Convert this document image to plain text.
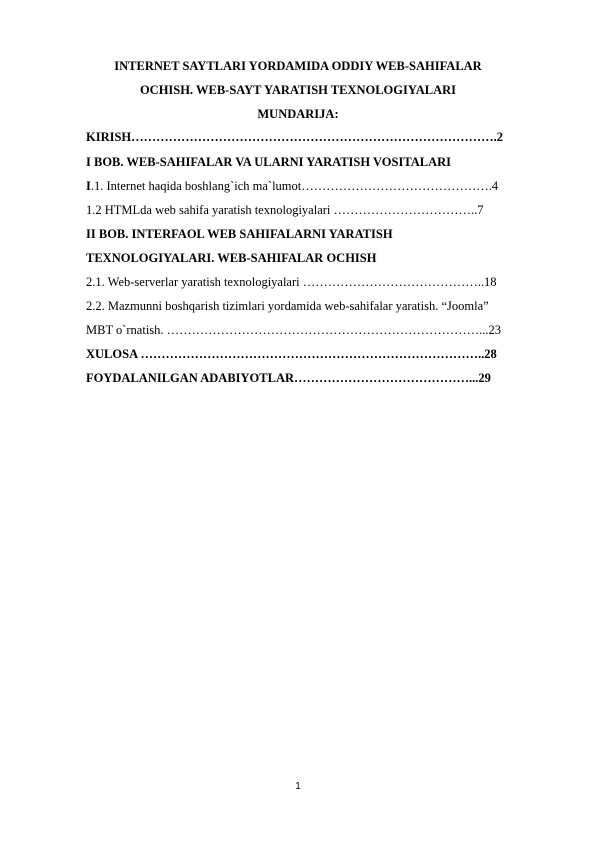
INTERNET SAYTLARI YORDAMIDA ODDIY WEB-SAHIFALAR
OCHISH. WEB-SAYT YARATISH TEXNOLOGIYALARI
MUNDARIJA:
KIRISH…………………………………………………………………………….2
I BOB. WEB-SAHIFALAR VA ULARNI YARATISH VOSITALARI
I.1. Internet haqida boshlang`ich ma`lumot……………………………………….4
1.2 HTMLda web sahifa yaratish texnologiyalari ……………………………..7
II BOB. INTERFAOL WEB SAHIFALARNI YARATISH
TEXNOLOGIYALARI. WEB-SAHIFALAR OCHISH
2.1. Web-serverlar yaratish texnologiyalari ……………………………………..18
2.2. Mazmunni boshqarish tizimlari yordamida web-sahifalar yaratish. “Joomla”
MBT o`rnatish. …………………………………………………………………...23
XULOSA ………………………………………………………………………..28
FOYDALANILGAN ADABIYOTLAR……………………………………...29
1
